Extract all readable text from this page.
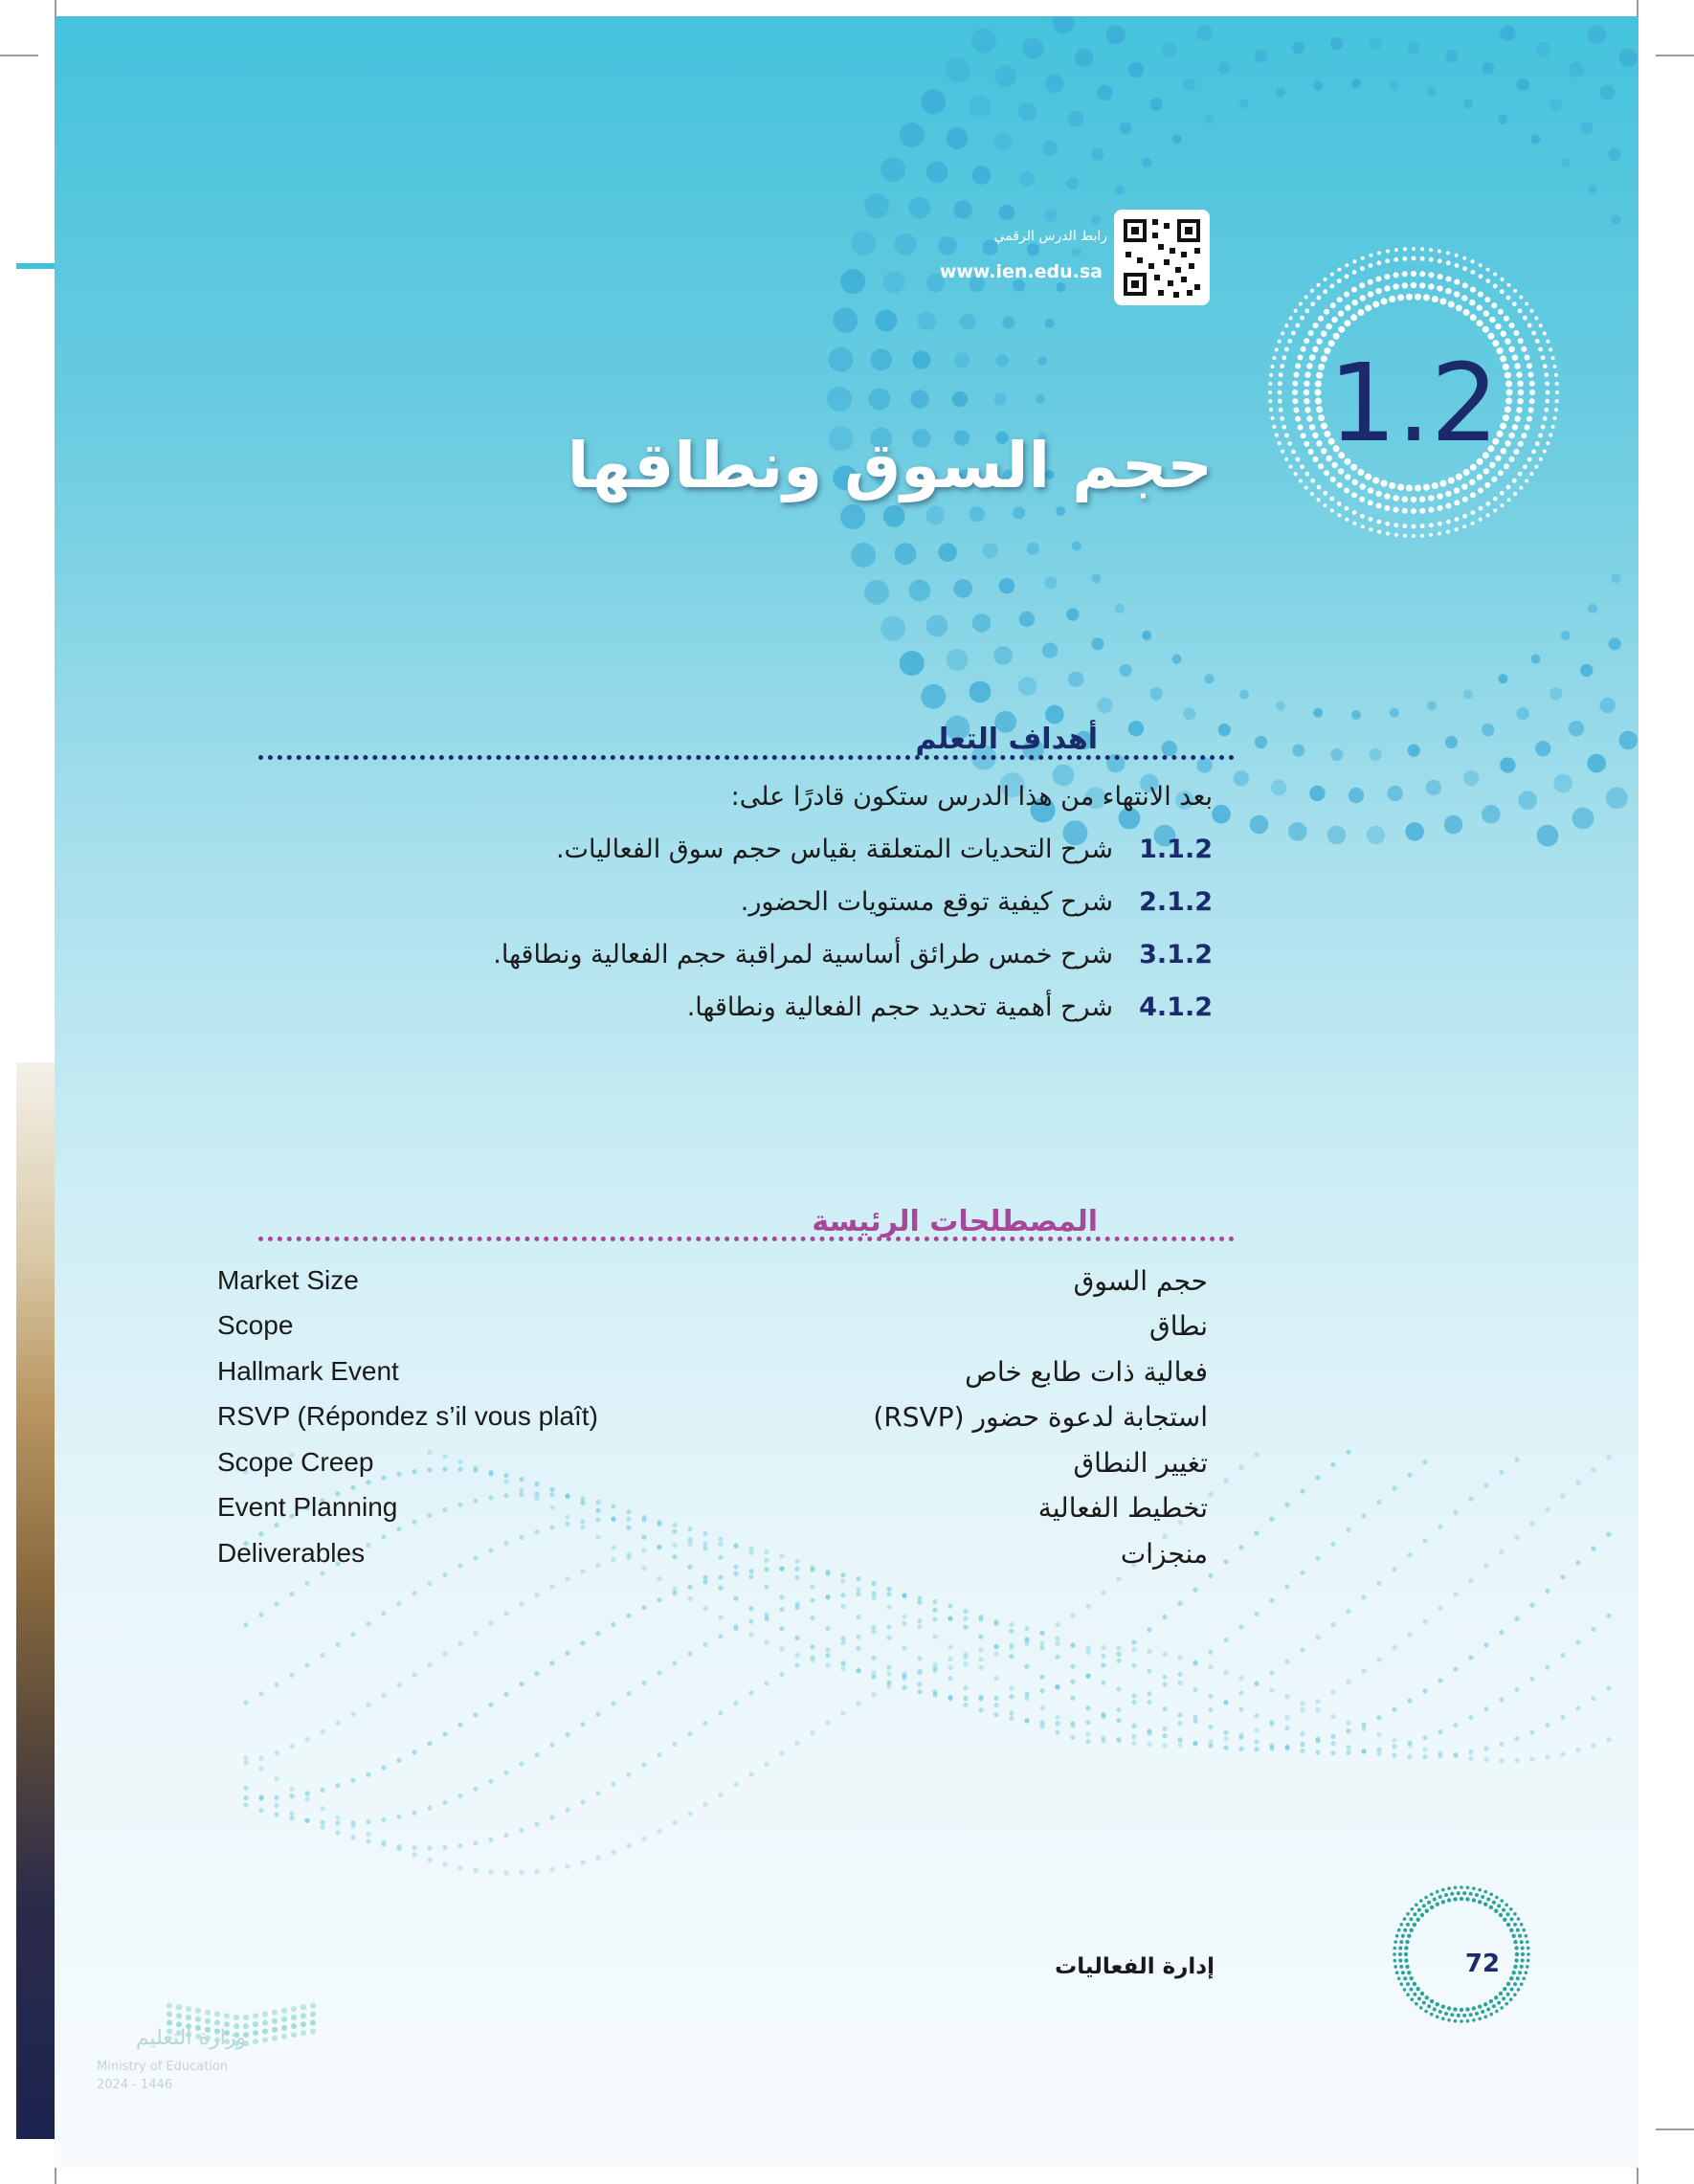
رابط الدرس الرقمي
www.ien.edu.sa
1.2
حجم السوق ونطاقها
أهداف التعلم
بعد الانتهاء من هذا الدرس ستكون قادرًا على:
1.1.2
شرح التحديات المتعلقة بقياس حجم سوق الفعاليات.
2.1.2
شرح كيفية توقع مستويات الحضور.
3.1.2
شرح خمس طرائق أساسية لمراقبة حجم الفعالية ونطاقها.
4.1.2
شرح أهمية تحديد حجم الفعالية ونطاقها.
المصطلحات الرئيسة
Market Size	حجم السوق
Scope	نطاق
Hallmark Event	فعالية ذات طابع خاص
RSVP (Répondez s’il vous plaît)	استجابة لدعوة حضور (RSVP)
Scope Creep	تغيير النطاق
Event Planning	تخطيط الفعالية
Deliverables	منجزات
إدارة الفعاليات	72
وزارة التعليم
Ministry of Education
2024 - 1446
